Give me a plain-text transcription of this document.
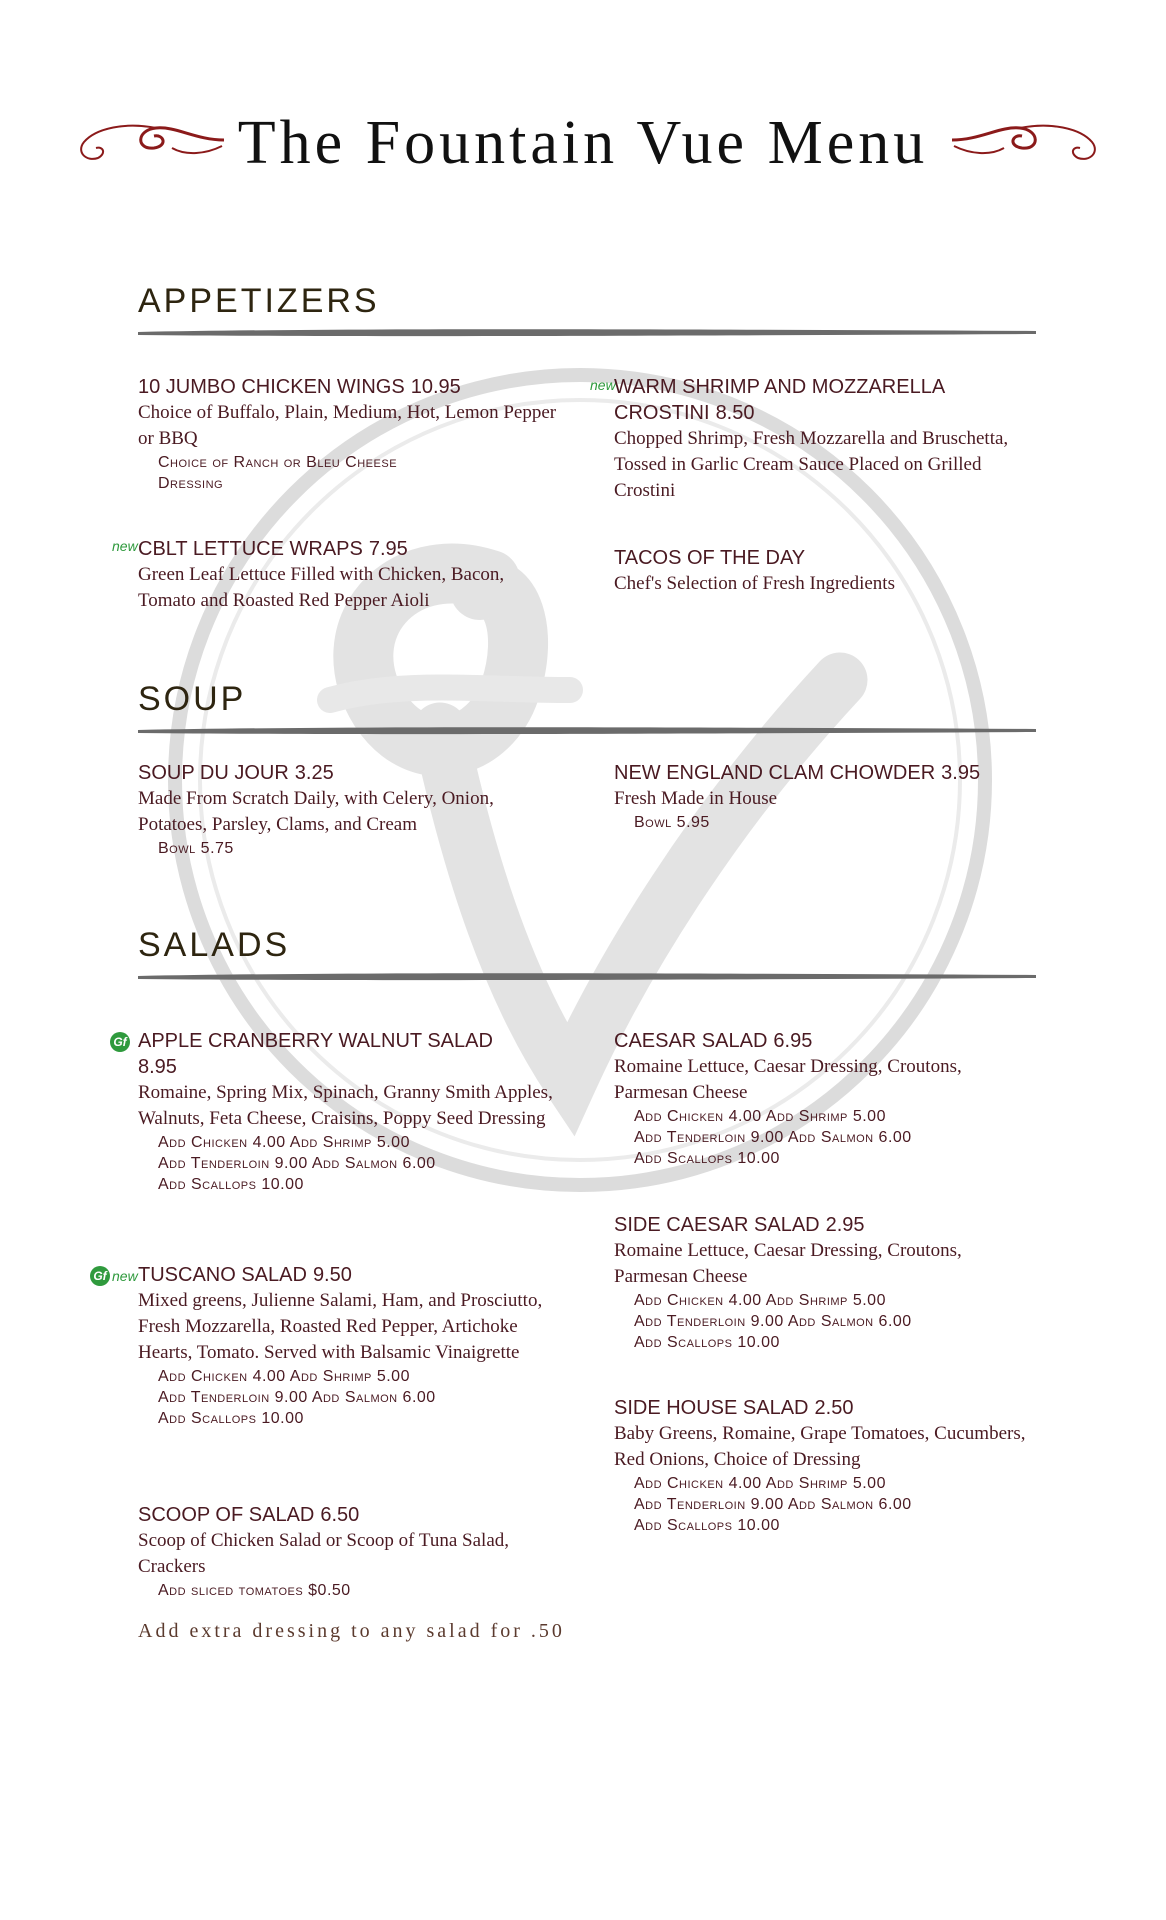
The Fountain Vue Menu
APPETIZERS
10 JUMBO CHICKEN WINGS 10.95
Choice of Buffalo, Plain, Medium, Hot, Lemon Pepper or BBQ
Choice of Ranch or Bleu Cheese
Dressing
new CBLT LETTUCE WRAPS 7.95
Green Leaf Lettuce Filled with Chicken, Bacon, Tomato and Roasted Red Pepper Aioli
new
WARM SHRIMP AND MOZZARELLA CROSTINI 8.50
Chopped Shrimp, Fresh Mozzarella and Bruschetta, Tossed in Garlic Cream Sauce Placed on Grilled Crostini
TACOS OF THE DAY
Chef's Selection of Fresh Ingredients
SOUP
SOUP DU JOUR 3.25
Made From Scratch Daily, with Celery, Onion, Potatoes, Parsley, Clams, and Cream
Bowl 5.75
NEW ENGLAND CLAM CHOWDER 3.95
Fresh Made in House
Bowl 5.95
SALADS
Gf APPLE CRANBERRY WALNUT SALAD
8.95
Romaine, Spring Mix, Spinach, Granny Smith Apples, Walnuts, Feta Cheese, Craisins, Poppy Seed Dressing
Add Chicken 4.00 Add Shrimp 5.00
Add Tenderloin 9.00 Add Salmon 6.00
Add Scallops 10.00
Gf new TUSCANO SALAD 9.50
Mixed greens, Julienne Salami, Ham, and Prosciutto, Fresh Mozzarella, Roasted Red Pepper, Artichoke Hearts, Tomato. Served with Balsamic Vinaigrette
Add Chicken 4.00 Add Shrimp 5.00
Add Tenderloin 9.00 Add Salmon 6.00
Add Scallops 10.00
SCOOP OF SALAD 6.50
Scoop of Chicken Salad or Scoop of Tuna Salad, Crackers
Add sliced tomatoes $0.50
CAESAR SALAD 6.95
Romaine Lettuce, Caesar Dressing, Croutons, Parmesan Cheese
Add Chicken 4.00 Add Shrimp 5.00
Add Tenderloin 9.00 Add Salmon 6.00
Add Scallops 10.00
SIDE CAESAR SALAD 2.95
Romaine Lettuce, Caesar Dressing, Croutons, Parmesan Cheese
Add Chicken 4.00 Add Shrimp 5.00
Add Tenderloin 9.00 Add Salmon 6.00
Add Scallops 10.00
SIDE HOUSE SALAD 2.50
Baby Greens, Romaine, Grape Tomatoes, Cucumbers, Red Onions, Choice of Dressing
Add Chicken 4.00 Add Shrimp 5.00
Add Tenderloin 9.00 Add Salmon 6.00
Add Scallops 10.00
Add extra dressing to any salad for .50
